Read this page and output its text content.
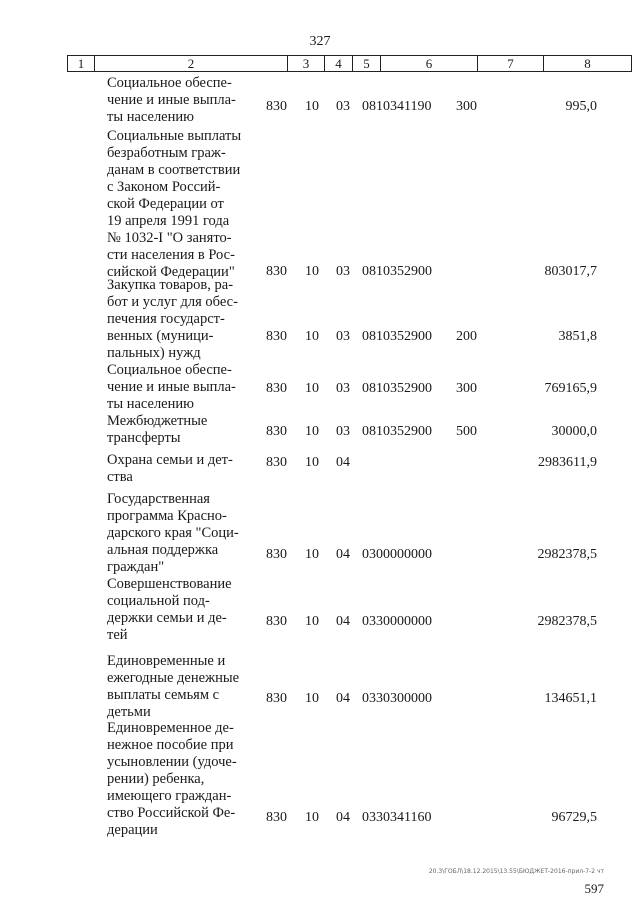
327
1	2	3	4	5	6	7	8
Социальное обеспе-
чение и иные выпла-
ты населению
830 10 03 0810341190 300	995,0
Социальные выплаты
безработным граж-
данам в соответствии
с Законом Россий-
ской Федерации от
19 апреля 1991 года
№ 1032-I "О занято-
сти населения в Рос-
сийской Федерации"	830 10 03 0810352900	803017,7
Закупка товаров, ра-
бот и услуг для обес-
печения государст-
венных (муници-
пальных) нужд
830 10 03 0810352900 200	3851,8
Социальное обеспе-
чение и иные выпла-
ты населению
830 10 03 0810352900 300	769165,9
Межбюджетные
трансферты	830 10 03 0810352900 500	30000,0
Охрана семьи и дет-
ства
830 10 04	2983611,9
Государственная
программа Красно-
дарского края "Соци-
альная поддержка
граждан"
830 10 04 0300000000	2982378,5
Совершенствование
социальной под-
держки семьи и де-
тей
830 10 04 0330000000	2982378,5
Единовременные и
ежегодные денежные
выплаты семьям с
детьми
830 10 04 0330300000	134651,1
Единовременное де-
нежное пособие при
усыновлении (удоче-
рении) ребенка,
имеющего граждан-
ство Российской Фе-
дерации
830 10 04 0330341160	96729,5
20.3\ГОБЛ\18.12.2015\13.55\БЮДЖЕТ-2016-прил-7-2 чт
597
